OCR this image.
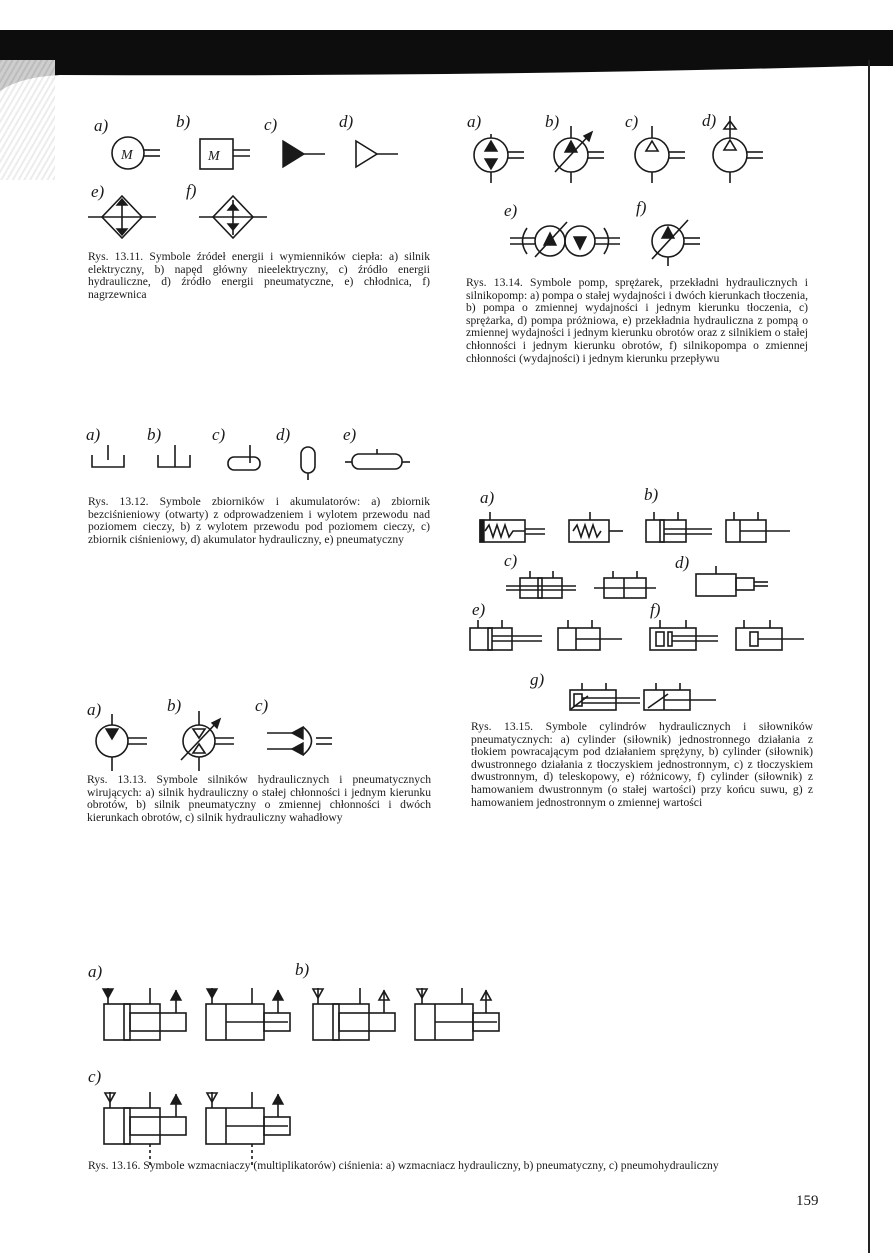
a)	b)	c)	d)
M	M
e)	f)

Rys. 13.11. Symbole źródeł energii i wymienników ciepła: a) silnik elektryczny, b) napęd główny nieelektryczny, c) źródło energii hydrauliczne, d) źródło energii pneumatyczne, e) chłodnica, f) nagrzewnica

a)	b)	c)	d)
e)	f)

Rys. 13.14. Symbole pomp, sprężarek, przekładni hydraulicznych i silnikopomp: a) pompa o stałej wydajności i dwóch kierunkach tłoczenia, b) pompa o zmiennej wydajności i jednym kierunku tłoczenia, c) sprężarka, d) pompa próżniowa, e) przekładnia hydrauliczna z pompą o zmiennej wydajności i jednym kierunku obrotów oraz z silnikiem o stałej chłonności i jednym kierunku obrotów, f) silnikopompa o zmiennej chłonności (wydajności) i jednym kierunku przepływu

a)	b)	c)	d)	e)

Rys. 13.12. Symbole zbiorników i akumulatorów: a) zbiornik bezciśnieniowy (otwarty) z odprowadzeniem i wylotem przewodu nad poziomem cieczy, b) z wylotem przewodu pod poziomem cieczy, c) zbiornik ciśnieniowy, d) akumulator hydrauliczny, e) pneumatyczny

a)	b)
c)	d)
e)	f)
g)

Rys. 13.15. Symbole cylindrów hydraulicznych i siłowników pneumatycznych: a) cylinder (siłownik) jednostronnego działania z tłokiem powracającym pod działaniem sprężyny, b) cylinder (siłownik) dwustronnego działania z tłoczyskiem jednostronnym, c) z tłoczyskiem dwustronnym, d) teleskopowy, e) różnicowy, f) cylinder (siłownik) z hamowaniem dwustronnym (o stałej wartości) przy końcu suwu, g) z hamowaniem jednostronnym o zmiennej wartości

a)	b)	c)

Rys. 13.13. Symbole silników hydraulicznych i pneumatycznych wirujących: a) silnik hydrauliczny o stałej chłonności i jednym kierunku obrotów, b) silnik pneumatyczny o zmiennej chłonności i dwóch kierunkach obrotów, c) silnik hydrauliczny wahadłowy

a)	b)
c)

Rys. 13.16. Symbole wzmacniaczy (multiplikatorów) ciśnienia: a) wzmacniacz hydrauliczny, b) pneumatyczny, c) pneumohydrauliczny

159
